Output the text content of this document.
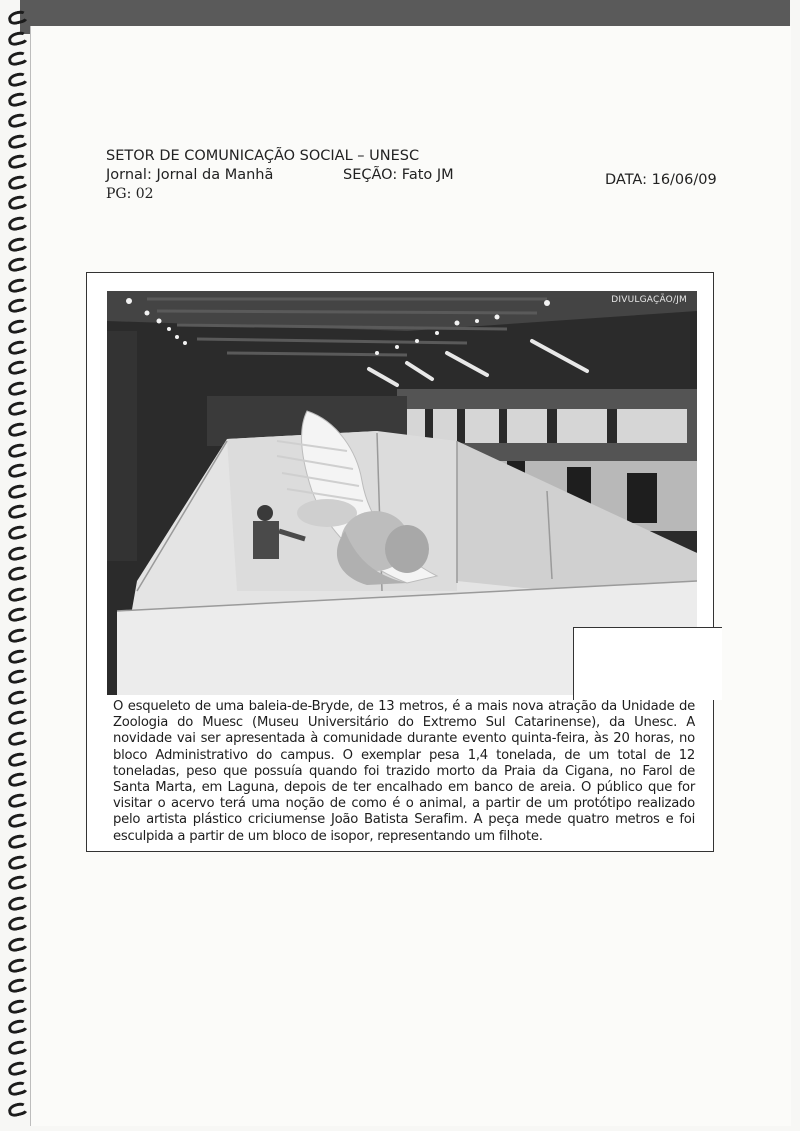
SETOR DE COMUNICAÇÃO SOCIAL – UNESC
Jornal: Jornal da Manhã	SEÇÃO: Fato JM	DATA: 16/06/09
PG: 02
DIVULGAÇÃO/JM
O esqueleto de uma baleia-de-Bryde, de 13 metros, é a mais nova atração da Unidade de Zoologia do Muesc (Museu Universitário do Extremo Sul Catarinense), da Unesc. A novidade vai ser apresentada à comunidade durante evento quinta-feira, às 20 horas, no bloco Administrativo do campus. O exemplar pesa 1,4 tonelada, de um total de 12 toneladas, peso que possuía quando foi trazido morto da Praia da Cigana, no Farol de Santa Marta, em Laguna, depois de ter encalhado em banco de areia. O público que for visitar o acervo terá uma noção de como é o animal, a partir de um protótipo realizado pelo artista plástico criciumense João Batista Serafim. A peça mede quatro metros e foi esculpida a partir de um bloco de isopor, representando um filhote.
